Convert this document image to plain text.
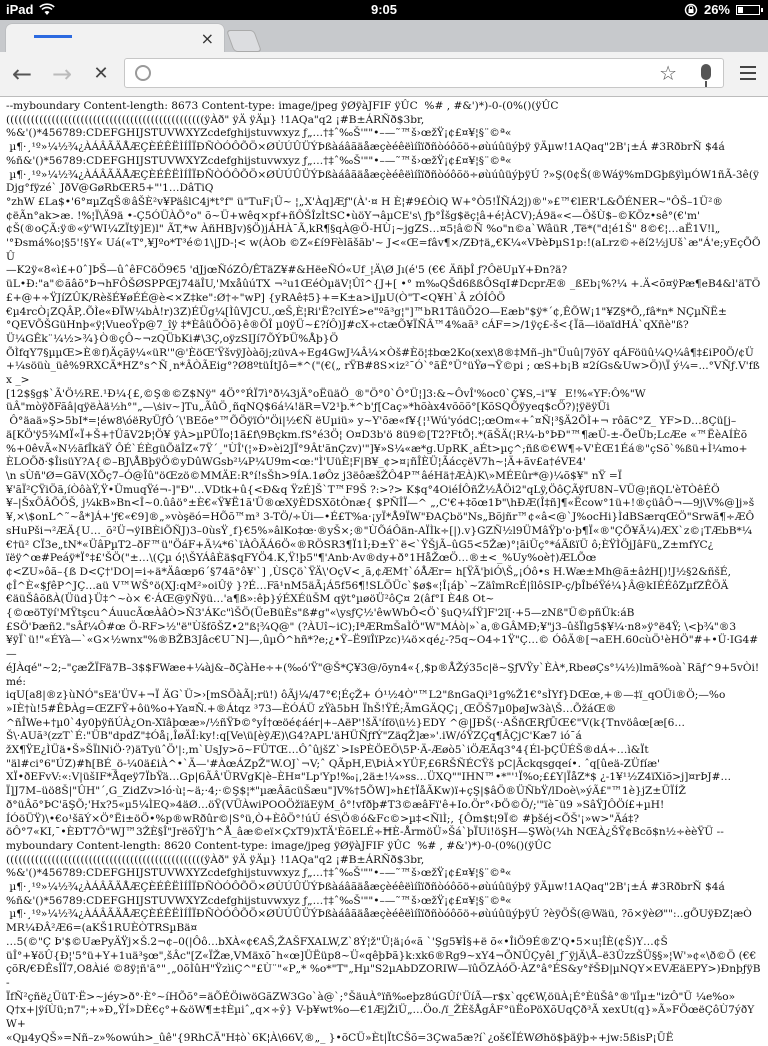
iPad	9:05	26%
×
← →	✕	☆
--myboundary Content-length: 8673 Content-type: image/jpeg ÿØÿàJFIF ÿÛC  %# , #&')*)-0-(0%()(ÿÛC
((((((((((((((((((((((((((((((((((((((((((((((((ÿÀð" ÿÄ ÿÄµ} !1AQa"q2 ¡#B±ÁRÑð$3br,
%&'()*456789:CDEFGHIJSTUVWXYZcdefghijstuvwxyz ƒ„…†‡ˆ‰Š'""•–—˜™š›œžŸ¡¢£¤¥¦§¨©ª«
µ¶·¸¹º»¼½¾¿ÀÁÂÃÄÅÆÇÈÉÊËÌÍÎÏÐÑÒÓÔÕÖ×ØÙÚÛÜÝÞßàáâãäåæçèéêëìíîïðñòóôõö÷øùúûüýþÿ ÿÄµw!1AQaq"2B'¡±Á #3RðbrÑ $4á
%ñ&'()*56789:CDEFGHIJSTUVWXYZcdefghijstuvwxyz ƒ„…†‡ˆ‰Š'""•–—˜™š›œžŸ¡¢£¤¥¦§¨©ª«
µ¶·¸¹º»¼½¾¿ÀÁÂÃÄÅÆÇÈÉÊËÌÍÎÏÐÑÒÓÔÕÖ×ØÙÚÛÜÝÞßàáâãäåæçèéêëìíîïðñòóôõö÷øùúûüýþÿÚ ?»Ş(0¢Š(®Wáÿ%mDGþßÿìµÓW1ñÃ-3ê(ÿDjg°fÿzé` JðV@GøRbŒR5+"'1…DâTiQ
°zhW £La$•'6°¤µZqŠ®âŠÈ²v¥PäŝlC4j*t°f" ü"TuF¡Ü~ ¦„X'Àq]Æƒ"(À'·¤ H È¦#9£ÒiQ W+°Ò5!ÏÑÁ2j)®"»£™€lER'L&ÕÉNER~"ÔŠ–1Ü²®
¢ëÃn°ak>æ. !%¦Ï\Ä9ä •-Ç5ÓÜÀÕ°o" õ~Ü+wêq×pf+ñÔŠÎzÌtSC•ùöY¬âµCE's\ ƒþ°Îšg$ëç¦â+é¦ÀCV);Á9ä«<—ÔšÙ$–©KÖz•sê°(€'m'
¢Š(®oÇÃ:ÿ®«ÿ'WI¼ZÏtÿ]E)l" ÃT,*w ÀñHBJv)§Ö)jÁHÀ¯Ã,kR¶§qÀ@Ö-HÙ¡~jgZS…¤5¦â©Ñ %o"n©a`WâüR ,Të*("d¦é1Š" 8©€¦…aË1V!l„
'°Ðsmá%o¦§5'!§Y« Uá(«T°,¥Jºo*T³é©1\|JD-¦< w(ÀOb ©Z«£í9Fèlãšãb'~ J<«Œ=fâv¶×/ZÐ†ä„€K¼«VÞèÞµS1p:!(aLrz©÷ëí2½jUš`æ"Á'e;yEçÕÕÛ
—K2ÿ«8«ì£+0ˆ]ÞŠ—ûˆêFCöÖ9€5 'dJjœÑóZÔ/ÊTäZ¥#&HëeÑÓ«Uf_¦Ä\Ø Jı(é'5 (€€ ÄñþÎ ƒ?ÔëUµY+Ðn?ä?
üL•Ð:"a"©ãâõ°Þ¬hFÔŠØSPPŒj74äÎU,'MxåûúTX ¬²u1ŒéÒµäV¦Ûî^{J+[ •° m‰QŠd6ßßÔSqI#DcprÆ® _ßEb¡%?¼ +.Ä<õ¤ÿPæ¶eB4&l'äTÖ
£+@+÷ŸJíZÛK/RèšÉ¥øÉÉ@è<×Z‡ke":Ø†÷"wP] {yRAê‡5}+=K±a>iJµU(Ò"T<Q¥H`Â zÓÍÔÖ
€µ4rcÒ¡ZQÂP,.ÕÌe«ÐÏW¼bÀ!r)3Z)ÉÜg¼[ÌûVJCU.,œŠ,È¦Ri'Ë?clYÉ>e"ºã³g¦"]™bR1TâüÖ2O—Eæb"$ÿ*´¢,ÊÕW¡1"¥Z§*Õ,,fâ*n* NÇµÑË±
°QEVÕŠGüHnþ«ÿ¦VueoŸp@7_îÿ ‡*ÈâüÕÔõ}ê®ÕÎ µ0ÿÜ~£?íÔ)J#cX÷ctæÕ¥ÏÑÂ™4%aã³ cÁF=>/1ÿç£-š<{Ïã—iöaïdHÁ`qXñè"ß?
Ü¼GÊk¨¼½>¾}Ò®çÔ~¬zQÜbKi#\3Ç,oÿzSIJí7ÕÝÞÜ%Åþ}Ö
ÕÌfqY7§µµŒ>È®f)Äçãÿ¼«üR'"@'ÈöŒ'ŸšvÿJòàõj;züvA÷Eg4GwJ¼Â¼×Òš#Èö¦‡bœ2Ko(xex\8®‡Mñ–jh"Üuû|7ÿõY qÁFöüû¼Q¼â¶‡£iP0Ö/¢Ü
+¼söüù_üê%9RXCÄ*HZ°s^Ñ¸n*ÂÒÃEig°?Ø8ºtüÍtJô=*^("(€(„ rŸB#8S×iz²¯Ó`°ãË°Ü°üŸø¬Ÿ©pi ; œS+b¡B ¤2íGs&Uw>Ö)\Ï ý¼=...°VÑƒ.V'fßx _>
[12$§g$`Ã'Ö½RE.¹Ð¼{£,©Ş®©Z$Nÿ" 4Ö°°ŔÏ7ì°ð¼3jÄ°oËüäÖ_®"Ö°0`Ô°Ü¦]3:&~ÔvÎ'%oc0`Ç¥S,–i"¥ _E!%«YF:Ô%"W
üÂ"mòÿðFãâ|qÿëÀä½h°"„—\ṡiv~]Tu„ÃûÖ¸ñqNQ$6á¼!äR=V2¹þ.*^b'ƒ[Caç»*hõàx4võõõ°[KõSQÕÿyeq$cÖ?)¦ÿëÿÜi
Ô°äaä»Ş>5bI*=¦éw8\óëRyÜƒÔ´\'BEõe°™ÕÖÿïÓ"Öi|½€Ñ ëUµiü» y~Y'õæ«f¥{¦¹Wú'yódC¦;œOm«+ˆ¤Ñ¦³§Ä2ÕÌ+¬ rôãC°Z_ YF>D…8Çü[j–
ä[KÖ'ÿ5¾MÏ«Ï+Š+†ÜãV2Þ¦Ö¥ ÿÀ>µPÜÏo¦1ã£f\9Bçkm.fS°é3Ö¦ O¤D3b'ö 8ü9©[T2?FtÕ¦.*(ãŠÄ(¦R¼-b°ÞÐ"™¶æÜ-±-ÕeÜb;LcÆe «™ËèAÍÈõ
%+0êvÃ«N½ãfÎkäŸ ÔÉ`ÉÈgüÕäÎZ«7Ÿ´¸"ÙÎ'(¦»Ð»èi2JÏ°9Ât'ãnÇzv)'"]¥»S¼«æ*g.UpRK¸aÉt>µç^;ñß©€W¶÷V'ÈŒ1Éá®"çSõ`%ßü+Ì¼mo+
ÈLOÕð·$ÎisüY?A{©–BJ\ÅBþÿÖ©yDûWGsb²¼P¼U9m<œ:"Ì'UüÈ¦F|B¥_¢>¤¡ñÎÈÜ¦ÃácçëV7h~¦Ä+ãv£a†éVE4'
\n sÙñ"Ø=GãV(XÕç7–Ó@Îû"öŒzö©MMÄE:R°í!sŠh>9ÍA.1øÔz j3ëôæšŽÔ4P™âéHä†ÆÀ)K\»MÉEûr*@)¼õ$¥" nŸ =Ï
¥'ãÏ²ÇŸiÖã,íÒôàŸ,Ÿ•ÜmuqŸé¬-]"Ð"…VDtk+û{<Ð&q ŸzÉ]Š`T™F9Š ?:>?> K$q°4OiéÍÔñŽ½ÅÖi2"qLÿ,ÖôÇÃÿfU8N–VÜ@¦ñQL'èTÒêÉÖ
¥–|ŠxÖÂÕÖŠ, j¼kB»Bn<Î~0.ûâö°±È€«Ÿ¥Ë1ã'Ü®œXÿÈDSXõtÒnæ{ $PÑÎÏ—^ „,C'€+‡õœ1Þ"\hÐÆ(Î‡ñ]¶«Ëcow°1ü+!®çüâÔ¬—9j\V%@]j»š
¥,×\$onL^˜~å*]Á+'ƒ€«€9]®„»vòşëó=HÕõ™m³ 3-TÖ/÷Ùi—•É£T%a·¡yÏ*Å9ÏW"ÐAÇbö"Ns„Bõjñr™¢«â<@`J%ocHi}ÌdBSærqŒÖ"Srwã¶÷ÆÔ
sHuPši¬²ÆÄ{U…_õ²Ü¬ÿIBÈiÕÑJ)3–0ùsŸ¸f}€5%»âlKo‡œ·®yŠ×;®"ÙÕáÔän-AÏÌk÷[|).v}GZÑ½l9ÜMâŸþ'o·þ¶Ï«®"ÇÕ¥Ã¼)ÆX`z©¡TÆbB*¼
€†ü² CÏ3e„tN*«ÜâPµT2–ðF™ü"ÖáF+Ä¼*6`ïÀÔÃÁ6Ö«®RÖSR3¶Ï1Ì;Ð±Ÿ`ë<`ŸŠjÃ–ûG5<5Žæ)°¦ãiÜç°*áÄßïÜ ô;ÈŸÌÖjJâFü„Z±mfYC¿
ïëÿ^œ#Peáÿ*Ï°‡£'ŠÖ("±…\(Çµ ó¦\ŠYÁâÈä$qFYÖ4.K,Ÿ!þ5"¶'Anb·Av®dy+ð°1HåŽœÖ…®±<_%Uy%oè†)ÆLÕœ
¢<ZU»ôã–{ß D<Ç†'DO|=i÷ä*Äâœp6´§74ã°ô¥'`] ,ÙSÇö`ŸÄ\'OçV<¸ã,¢ÆM†`óÅÆr= h[ŸÃ'þiÓ\Š„¡Óô•s H.Wæ±Mh@ã±âżH[)!J½§2&ñšÉ,
¢Î^È«$ƒêP^JÇ…aü V™WŠ°ö(XJ:qM²»oiÛÿ }?É…Fã¹nM5äÃ¡Á5f56¶!SLÖÜc`$ø$«¦Î¡áþ`~ZäîmRcÉ|îlôSIP-ç/þÎbéŸé¼}Â@kIÉÉôZµfZÊÖÄ
€äüŠâõßÀ(Üüd}Ü‡^~ò× €·ÁŒ@ÿÑÿü…'a¶ß»:êþ}ýÉXÉüŠM qÿt°µøöÜ²ôÇ¤ 2(âf°I È4ß Ot~
{©œöTÿí'MŸtşcu^ÁuucÃœÀâÒ>Ñ3'ÁKc"ìŠÖ(ÜeBüÈs"ß#g"«\ysƒÇ½'êwWbÔ<Ö`§uQ¼ÍŸ]F'2ï[·+5—zNß"Ü©pñÜk:áB
£SÖ'Þæñ2."sÂf¼Ô#œ Ö-RF>½"ë"ÙšfõŠZ•2"ß¦¾Q@" (?ÀUî~iC);IªÆRmŠaÌÖ"W"MÁò|»`a,®GÂMÐ;¥"j3–ûšÏlg5$¥¼·n8»ÿ°ë4Ÿ; \<þ¾"®3
¥ÿÏ`ü!"«ÉYà—`«G×½wnx"%®BŽB3Jâc€U¯N]—,ûµÔ^hñ*?e;¿•Ÿ–Ë9ïÎïPzc)¼ö×qé¿-?5q~O4÷1Ÿ"Ç…© ÓôÄ®[¬aEH.60cùÖ¹èHÖ"#+•Ü·IG4#—
éJÀqé"~2;–"çæŽÏFä7B–3$$FWæe+¼àj&–ðÇàHe÷+(‰ó'Ÿ"@Š*Ç¥3@/õyn4«{,$p®ÅŽý35c|ë~ŞƒVŸy`ÈÀ*,RbeøÇs°¼½)lmã%oà`Rãƒ^9+5vÒi!mé:
iqU[a8|®z}ùNÓ"sEä'ÜV+¬Ï ÄG`Ü>›[mSÖàÃ|;rü!) ôÃj¼/47°€¦ÉçŽ+ Ó¹½4Ò"™L2"ßnGaQi³1g%Ž1€°sÌYf}DŒœ,+®—‡ï_qOÜi®Ö;—%o
»IÈ†ù!5#ÊÞÀg=ŒZFŸ+ôü%o+Ya¤Ñ.+®Átqz ³73—ÈÓÁÜ zŸà5bH ÏhŠ!ŸÉ;ÃmGÄQÇ¡¸ŒÖŠ7µ0þøJw3à\Š…ÕžáŒ®
^ñÎWe+†µ0`4y0þÿñÚÀ¿On-Xïâþœæ»/½ñŸÞ©°yÍ†œöé¢áér|+–AëP'!šÄ'ífö\ü½}EDY ^@|JÐŠ(··AŠñŒRƒŪŒ€"V(k{Tnvöâœ[æ[6…
Š\·AUã³(zzT`É:"ÜB"dpdZ"‡Óå¡,ÎøÄÎ:ky!:q[Ve\ü[èÿÆ)\G4?APL'äHÜÑƒfÝ"ZäqŽ]æ»'.iW/óŸZÇq¶ÂÇjC'Kæ7 ió¯á
žX¶ŸE¿ÌÜä•Š»ŠÏlNiÖ·?)äTyüˆÖ'|:,m`UsJy>õ~FÜTŒ…ÔˆûjšZ`>IsPÈÖEÖ\5P·Ä-Æøò5`iÖÆÃq3°4{Él-þÇÜÉŠ®dÁ÷…ì&Ït
"äl#ci°6"ÚZ)#ħ[BÉ_ö-¼0ä£iÀ^•`Ä—'#ÀœÁZpŽ"W.OJ`¬V;ˆ QÃpH,E\ÞiÀ×YÜF,£6RŠÑÉCŸš pC|Ãckqsgqeí•. ˆq[ûeä-ZÜfíæ'
XÏ•ðEFvV:«:V|üšIF*Åqeÿ7ÏbŸä…Gp|6ÃÂ'ÜRVgK|è–ÈH¤"Lp'Yp!‰¡,2ä±!¼»ss…ÜXQ""IHN™•*"'¹Ï%o;££Y|ÏåZ*$ ¿-1¥¹½Z4ïXiõ>j]¤rÞJ#…
Ï]J7M–üö8Š|"ÛH"´,G_ZidZv>ló·ù¦~ä;·4;·©Ş$¦*"µæÂãcüŠæu"]V%†5ÕW]»h£†ÏåÃKw)ï+çŞ|$âÖ®ÜÑbŸ/lDoè\»ýÃ£"™1è}jZ±ÜÏÍŽ
ð°üÂõ°ÞC'ãŞÕ;'Hx?5«µ5¼ÌEQ»4äØ…öŸ(VÜÀwiPOOÖžïäEÿM_ô°!vfðþ#T3©æâFï'ê+Io.Ör°‹ÞÖ©Ö/;'"ïè¯ü9 »SâŸJÔÖí£+µH!
ÍÓöÜŸ)\•€o¹šãÝ×Ö°Ëi±öÖ•%p®wRðûr©|S°ü,Ò+ÈôÖ°!úÚ éS\Ö®ó&Fc©>µ‡<ÑlÌ;, {Ôm$t¦9Ï© #þšéj<ÕŠ'¡»w>"Äá‡?
öÔ°7«KI,¯•ÈĐT7Ô"WJ™3ŽÈ§Î"JrëõŸJ'h^Å_âæ©eï×ÇxT9)xTÄ'ÈõELÉ÷ĦÈ-ÅrmöÜ»Šá`þÏUi!öŞH—ŞWò(¼h NŒÀ¿ŠŸ¢Bcõ$n½÷èèŸÜ --
myboundary Content-length: 8620 Content-type: image/jpeg ÿØÿàJFIF ÿÛC  %# , #&')*)-0-(0%()(ÿÛC
((((((((((((((((((((((((((((((((((((((((((((((((ÿÀð" ÿÄ ÿÄµ} !1AQa"q2 ¡#B±ÁRÑð$3br,
%&'()*456789:CDEFGHIJSTUVWXYZcdefghijstuvwxyz ƒ„…†‡ˆ‰Š'""•–—˜™š›œžŸ¡¢£¤¥¦§¨©ª«
µ¶·¸¹º»¼½¾¿ÀÁÂÃÄÅÆÇÈÉÊËÌÍÎÏÐÑÒÓÔÕÖ×ØÙÚÛÜÝÞßàáâãäåæçèéêëìíîïðñòóôõö÷øùúûüýþÿ ÿÄµw!1AQaq"2B'¡±Á #3RðbrÑ $4á
%ñ&'()*56789:CDEFGHIJSTUVWXYZcdefghijstuvwxyz ƒ„…†‡ˆ‰Š'""•–—˜™š›œžŸ¡¢£¤¥¦§¨©ª«
µ¶·¸¹º»¼½¾¿ÀÁÂÃÄÅÆÇÈÉÊËÌÍÎÏÐÑÒÓÔÕÖ×ØÙÚÛÜÝÞßàáâãäåæçèéêëìíîïðñòóôõö÷øùúûüýþÿÚ ?èÿÖŠ(@Wäü, ?õ×ÿèØ"":..gÕUÿÐZ¦æÒMR¼ÐÂ²Æ6=(aKŠ1RUÈÒTRSµBä¤
…5(©"Ç Þ'$©UæPyÄŸj×Š.2¬¢–0(|Ôô…bXÀ«¢€AŠ,ŽAŠFXALW,Z`8Ý¦ž"Ü¦ä¡ó«ã `'Şg5¥Ì§+ë õ«•ÎiÖ9É®Z'Q•5×u¦ÎÈ(¢Š)Y…¢Š
üÎ°+¥öÛ{Ð¦'5°ü+Y+1uä³şœ",šÂc"[Z«ÏŽæ,VMäxõ¯h«œ]ÜËüp8~Ü«qêþÞã}k:xk6®Rg9~xY4¬ÕNÛÇyêl¸ƒ¯ÿjÄ\Å–ë3ÜzzŠÜ§§»¦W'»¢«\ð©Ö (€€
çõR/€ÐÊsÎÏ7,O8Àié ©8ÿ¦ñ'ã°"¸„0õÌûH"ŸzìiÇ^"£Ù¨"«P„* %o*"T"„Hµ"S2µAbDZORIW—ïûÖZÀóÖ·ÀZ°â°ÉS&y°řŠÐ|µNQY×EVÆäEPY>)ÐnþƒÿB-
ÏfÑ²çñë¿ÜüT·Ë>~jéy>ð°·È°~íHÕõ°=äÕÉÖiwöGãZW3Go`à@`;°ŠäuÀ°ïñ‰eþz8úGÛí'ÜíÃ—r$x`qç€W,öüÀ¡É°ÈüŠâ°®'ïÎµ±"izÔ"Ü ¼e%o»
Q†x+|ÿíÙü;n7";+»Ð„ŸÍ»DÈ€ç°+&öW¶±‡Èµiˆ„q×÷ŷ} V-þ¥wt%o—€1ÆjŽiÜ„…Öo./ï_ŽÈšÅgÂF°üËoPöXõUqÇð³Ã xexUt(q}»Ã»FÖœëÇôÙ7ýðYW+
«Qµ4yQŠ»=Nñ–z»%owúh>_ûê"{9RhCÄ"H‡ò`6K¦À\66V,®„_ }•õCÜ»Èt|ÏtCŠõ=3Çwa5æ?í`¿oš€ÏÉWØhö$þäÿþ÷+jw:5ßisP¡ŪË
